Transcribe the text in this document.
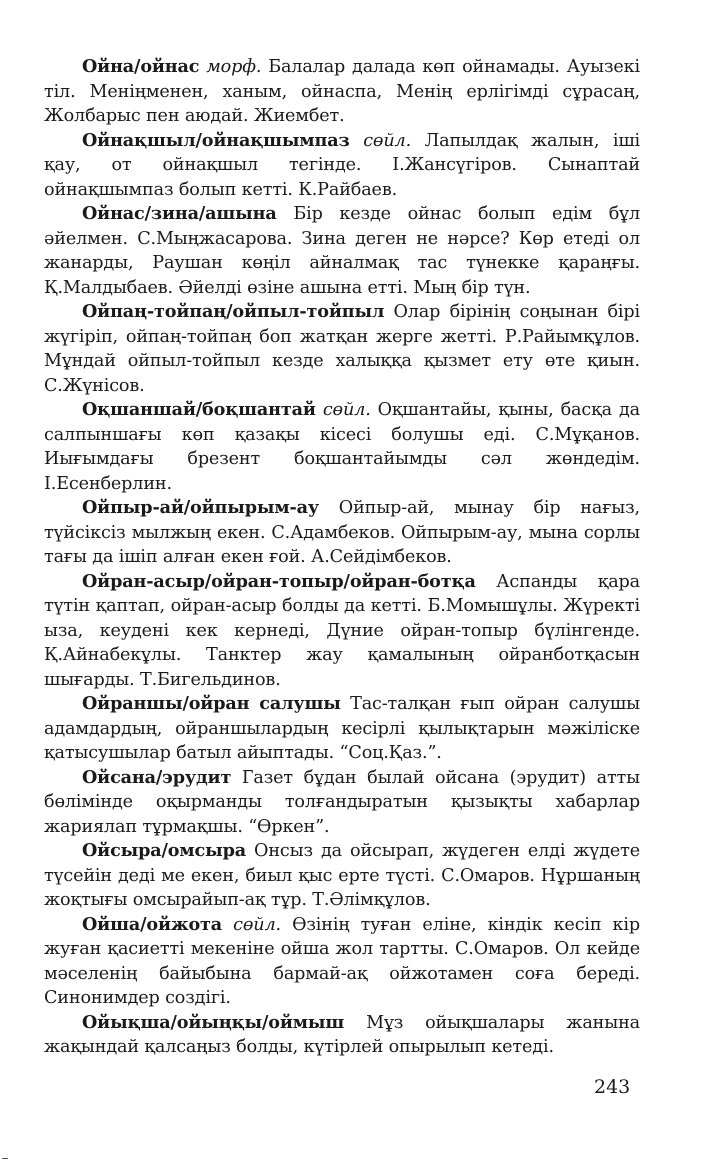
Ойна/ойнас морф. Балалар далада көп ойнамады. Ауызекі тіл. Меніңменен, ханым, ойнаспа, Менің ерлігімді сұрасаң, Жолбарыс пен аюдай. Жиембет.

Ойнақшыл/ойнақшымпаз сөйл. Лапылдақ жалын, іші қау, от ойнақшыл тегінде. І.Жансүгіров. Сынаптай ойнақшымпаз болып кетті. К.Райбаев.

Ойнас/зина/ашына Бір кезде ойнас болып едім бұл әйелмен. С.Мыңжасарова. Зина деген не нәрсе? Көр етеді ол жанарды, Раушан көңіл айналмақ тас түнекке қараңғы. Қ.Малдыбаев. Әйелді өзіне ашына етті. Мың бір түн.

Ойпаң-тойпаң/ойпыл-тойпыл Олар бірінің соңынан бірі жүгіріп, ойпаң-тойпаң боп жатқан жерге жетті. Р.Райымқұлов. Мұндай ойпыл-тойпыл кезде халыққа қызмет ету өте қиын. С.Жүнісов.

Оқшаншай/боқшантай сөйл. Оқшантайы, қыны, басқа да салпыншағы көп қазақы кісесі болушы еді. С.Мұқанов. Иығымдағы брезент боқшантайымды сәл жөндедім. І.Есенберлин.

Ойпыр-ай/ойпырым-ау Ойпыр-ай, мынау бір нағыз, түйсіксіз мылжың екен. С.Адамбеков. Ойпырым-ау, мына сорлы тағы да ішіп алған екен ғой. А.Сейдімбеков.

Ойран-асыр/ойран-топыр/ойран-ботқа Аспанды қара түтін қаптап, ойран-асыр болды да кетті. Б.Момышұлы. Жүректі ыза, кеудені кек кернеді, Дүние ойран-топыр бүлінгенде. Қ.Айнабекұлы. Танктер жау қамалының ойранботқасын шығарды. Т.Бигельдинов.

Ойраншы/ойран салушы Тас-талқан ғып ойран салушы адамдардың, ойраншылардың кесірлі қылықтарын мәжіліске қатысушылар батыл айыптады. “Соц.Қаз.”.

Ойсана/эрудит Газет бұдан былай ойсана (эрудит) атты бөлімінде оқырманды толғандыратын қызықты хабарлар жариялап тұрмақшы. “Өркен”.

Ойсыра/омсыра Онсыз да ойсырап, жүдеген елді жүдете түсейін деді ме екен, биыл қыс ерте түсті. С.Омаров. Нұршаның жоқтығы омсырайып-ақ тұр. Т.Әлімқұлов.

Ойша/ойжота сөйл. Өзінің туған еліне, кіндік кесіп кір жуған қасиетті мекеніне ойша жол тартты. С.Омаров. Ол кейде мәселенің байыбына бармай-ақ ойжотамен соға береді. Синонимдер создігі.

Ойықша/ойыңқы/оймыш Мұз ойықшалары жанына жақындай қалсаңыз болды, күтірлей опырылып кетеді.

243
